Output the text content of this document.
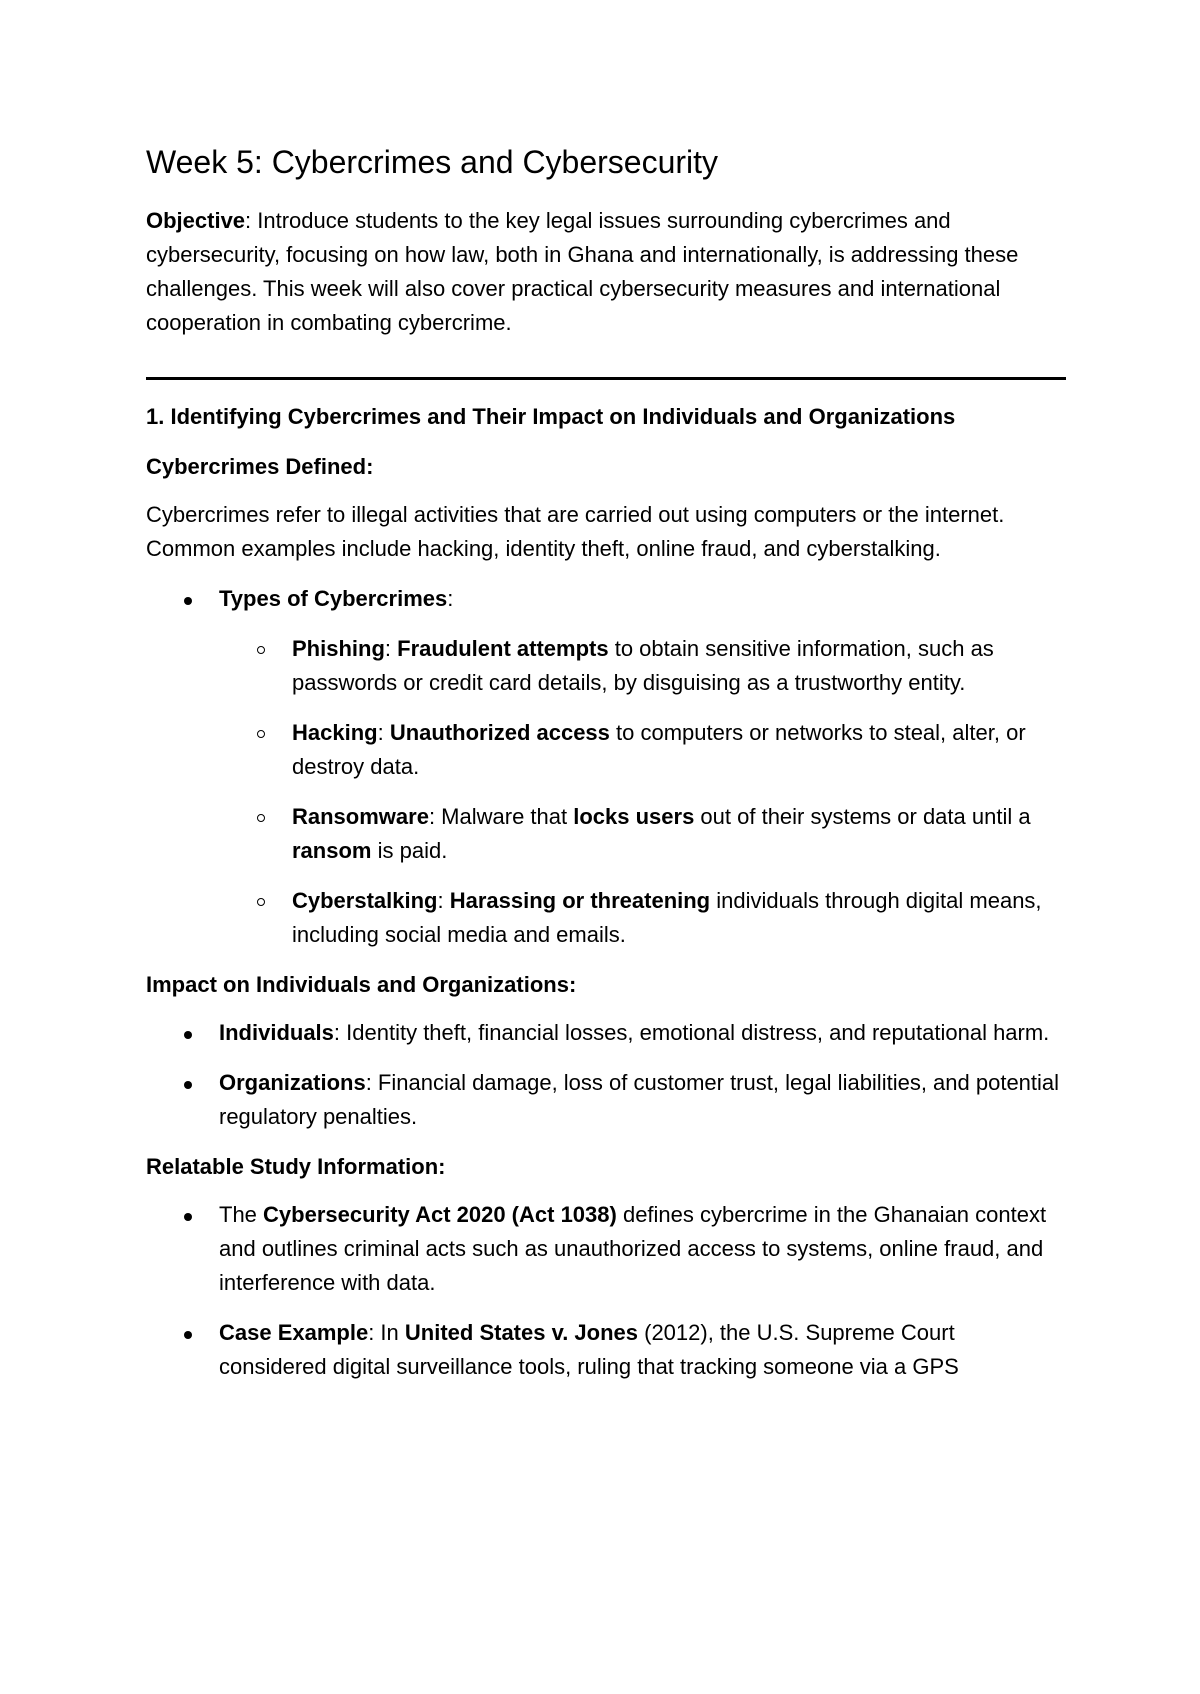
Week 5: Cybercrimes and Cybersecurity

Objective: Introduce students to the key legal issues surrounding cybercrimes and cybersecurity, focusing on how law, both in Ghana and internationally, is addressing these challenges. This week will also cover practical cybersecurity measures and international cooperation in combating cybercrime.

1. Identifying Cybercrimes and Their Impact on Individuals and Organizations
Cybercrimes Defined:

Cybercrimes refer to illegal activities that are carried out using computers or the internet. Common examples include hacking, identity theft, online fraud, and cyberstalking.

Types of Cybercrimes:
Phishing: Fraudulent attempts to obtain sensitive information, such as passwords or credit card details, by disguising as a trustworthy entity.
Hacking: Unauthorized access to computers or networks to steal, alter, or destroy data.
Ransomware: Malware that locks users out of their systems or data until a ransom is paid.
Cyberstalking: Harassing or threatening individuals through digital means, including social media and emails.
Impact on Individuals and Organizations:
Individuals: Identity theft, financial losses, emotional distress, and reputational harm.
Organizations: Financial damage, loss of customer trust, legal liabilities, and potential regulatory penalties.
Relatable Study Information:
The Cybersecurity Act 2020 (Act 1038) defines cybercrime in the Ghanaian context and outlines criminal acts such as unauthorized access to systems, online fraud, and interference with data.
Case Example: In United States v. Jones (2012), the U.S. Supreme Court considered digital surveillance tools, ruling that tracking someone via a GPS
